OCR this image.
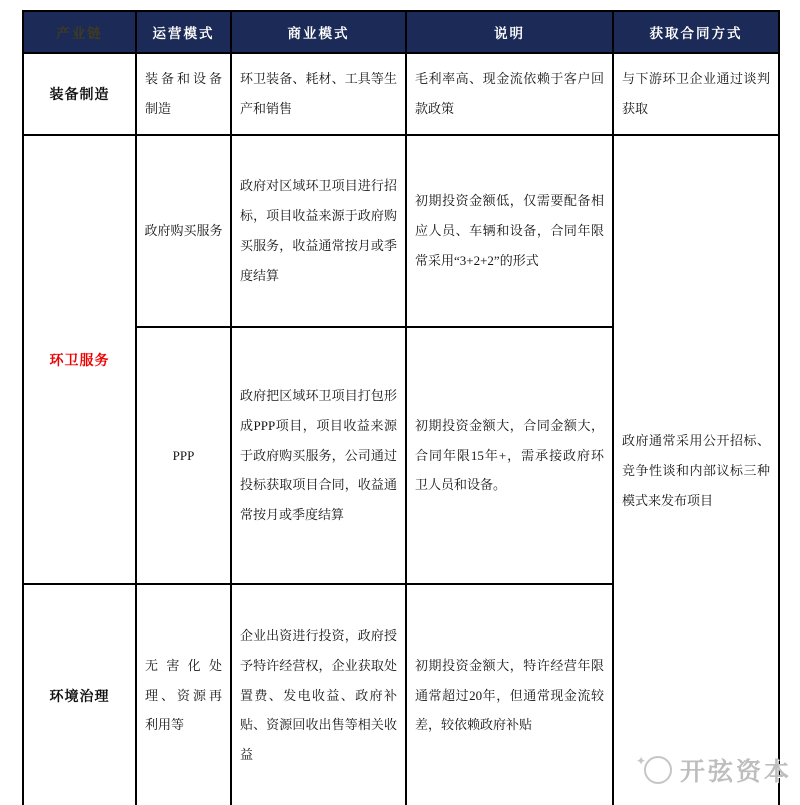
产业链	运营模式	商业模式	说明	获取合同方式
装备制造	装备和设备制造	环卫装备、耗材、工具等生产和销售	毛利率高、现金流依赖于客户回款政策	与下游环卫企业通过谈判获取
环卫服务	政府购买服务	政府对区域环卫项目进行招标，项目收益来源于政府购买服务，收益通常按月或季度结算	初期投资金额低，仅需要配备相应人员、车辆和设备，合同年限常采用“3+2+2”的形式	政府通常采用公开招标、竞争性谈和内部议标三种模式来发布项目
	PPP	政府把区域环卫项目打包形成PPP项目，项目收益来源于政府购买服务，公司通过投标获取项目合同，收益通常按月或季度结算	初期投资金额大，合同金额大，合同年限15年+，需承接政府环卫人员和设备。	
环境治理	无害化处理、资源再利用等	企业出资进行投资，政府授予特许经营权，企业获取处置费、发电收益、政府补贴、资源回收出售等相关收益	初期投资金额大，特许经营年限通常超过20年，但通常现金流较差，较依赖政府补贴	
✦ 开弦资本
